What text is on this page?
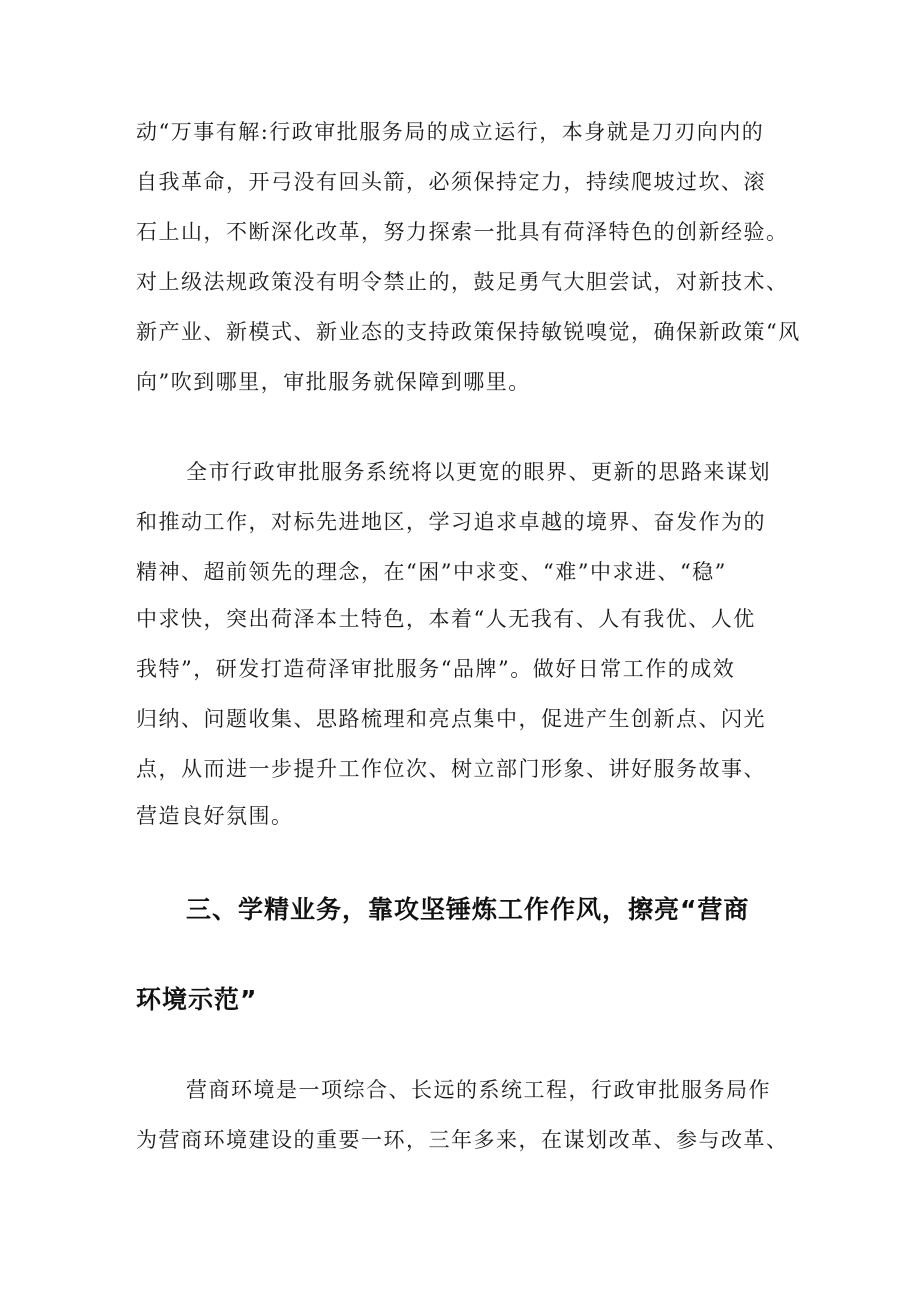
动“万事有解:行政审批服务局的成立运行，本身就是刀刃向内的
自我革命，开弓没有回头箭，必须保持定力，持续爬坡过坎、滚
石上山，不断深化改革，努力探索一批具有荷泽特色的创新经验。
对上级法规政策没有明令禁止的，鼓足勇气大胆尝试，对新技术、
新产业、新模式、新业态的支持政策保持敏锐嗅觉，确保新政策“风
向”吹到哪里，审批服务就保障到哪里。
全市行政审批服务系统将以更宽的眼界、更新的思路来谋划
和推动工作，对标先进地区，学习追求卓越的境界、奋发作为的
精神、超前领先的理念，在“困”中求变、“难”中求进、“稳”
中求快，突出荷泽本土特色，本着“人无我有、人有我优、人优
我特”，研发打造荷泽审批服务“品牌”。做好日常工作的成效
归纳、问题收集、思路梳理和亮点集中，促进产生创新点、闪光
点，从而进一步提升工作位次、树立部门形象、讲好服务故事、
营造良好氛围。
三、学精业务，靠攻坚锤炼工作作风，擦亮“营商
环境示范”
营商环境是一项综合、长远的系统工程，行政审批服务局作
为营商环境建设的重要一环，三年多来，在谋划改革、参与改革、
